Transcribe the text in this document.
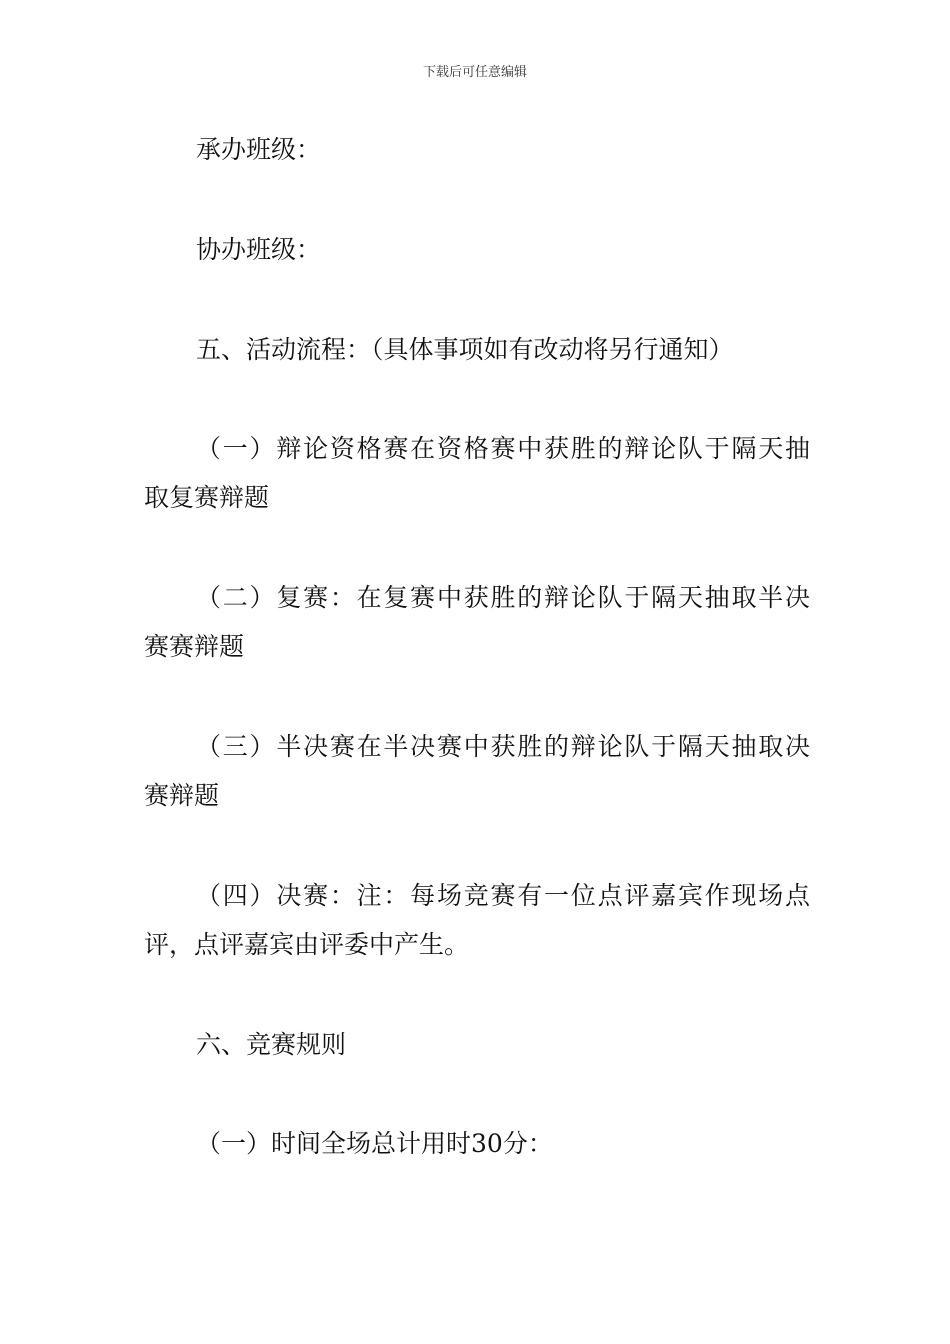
下载后可任意编辑
承办班级：
协办班级：
五、活动流程：（具体事项如有改动将另行通知）
（一）辩论资格赛在资格赛中获胜的辩论队于隔天抽
取复赛辩题
（二）复赛：在复赛中获胜的辩论队于隔天抽取半决
赛赛辩题
（三）半决赛在半决赛中获胜的辩论队于隔天抽取决
赛辩题
（四）决赛：注：每场竞赛有一位点评嘉宾作现场点
评，点评嘉宾由评委中产生。
六、竞赛规则
（一）时间全场总计用时30分：
